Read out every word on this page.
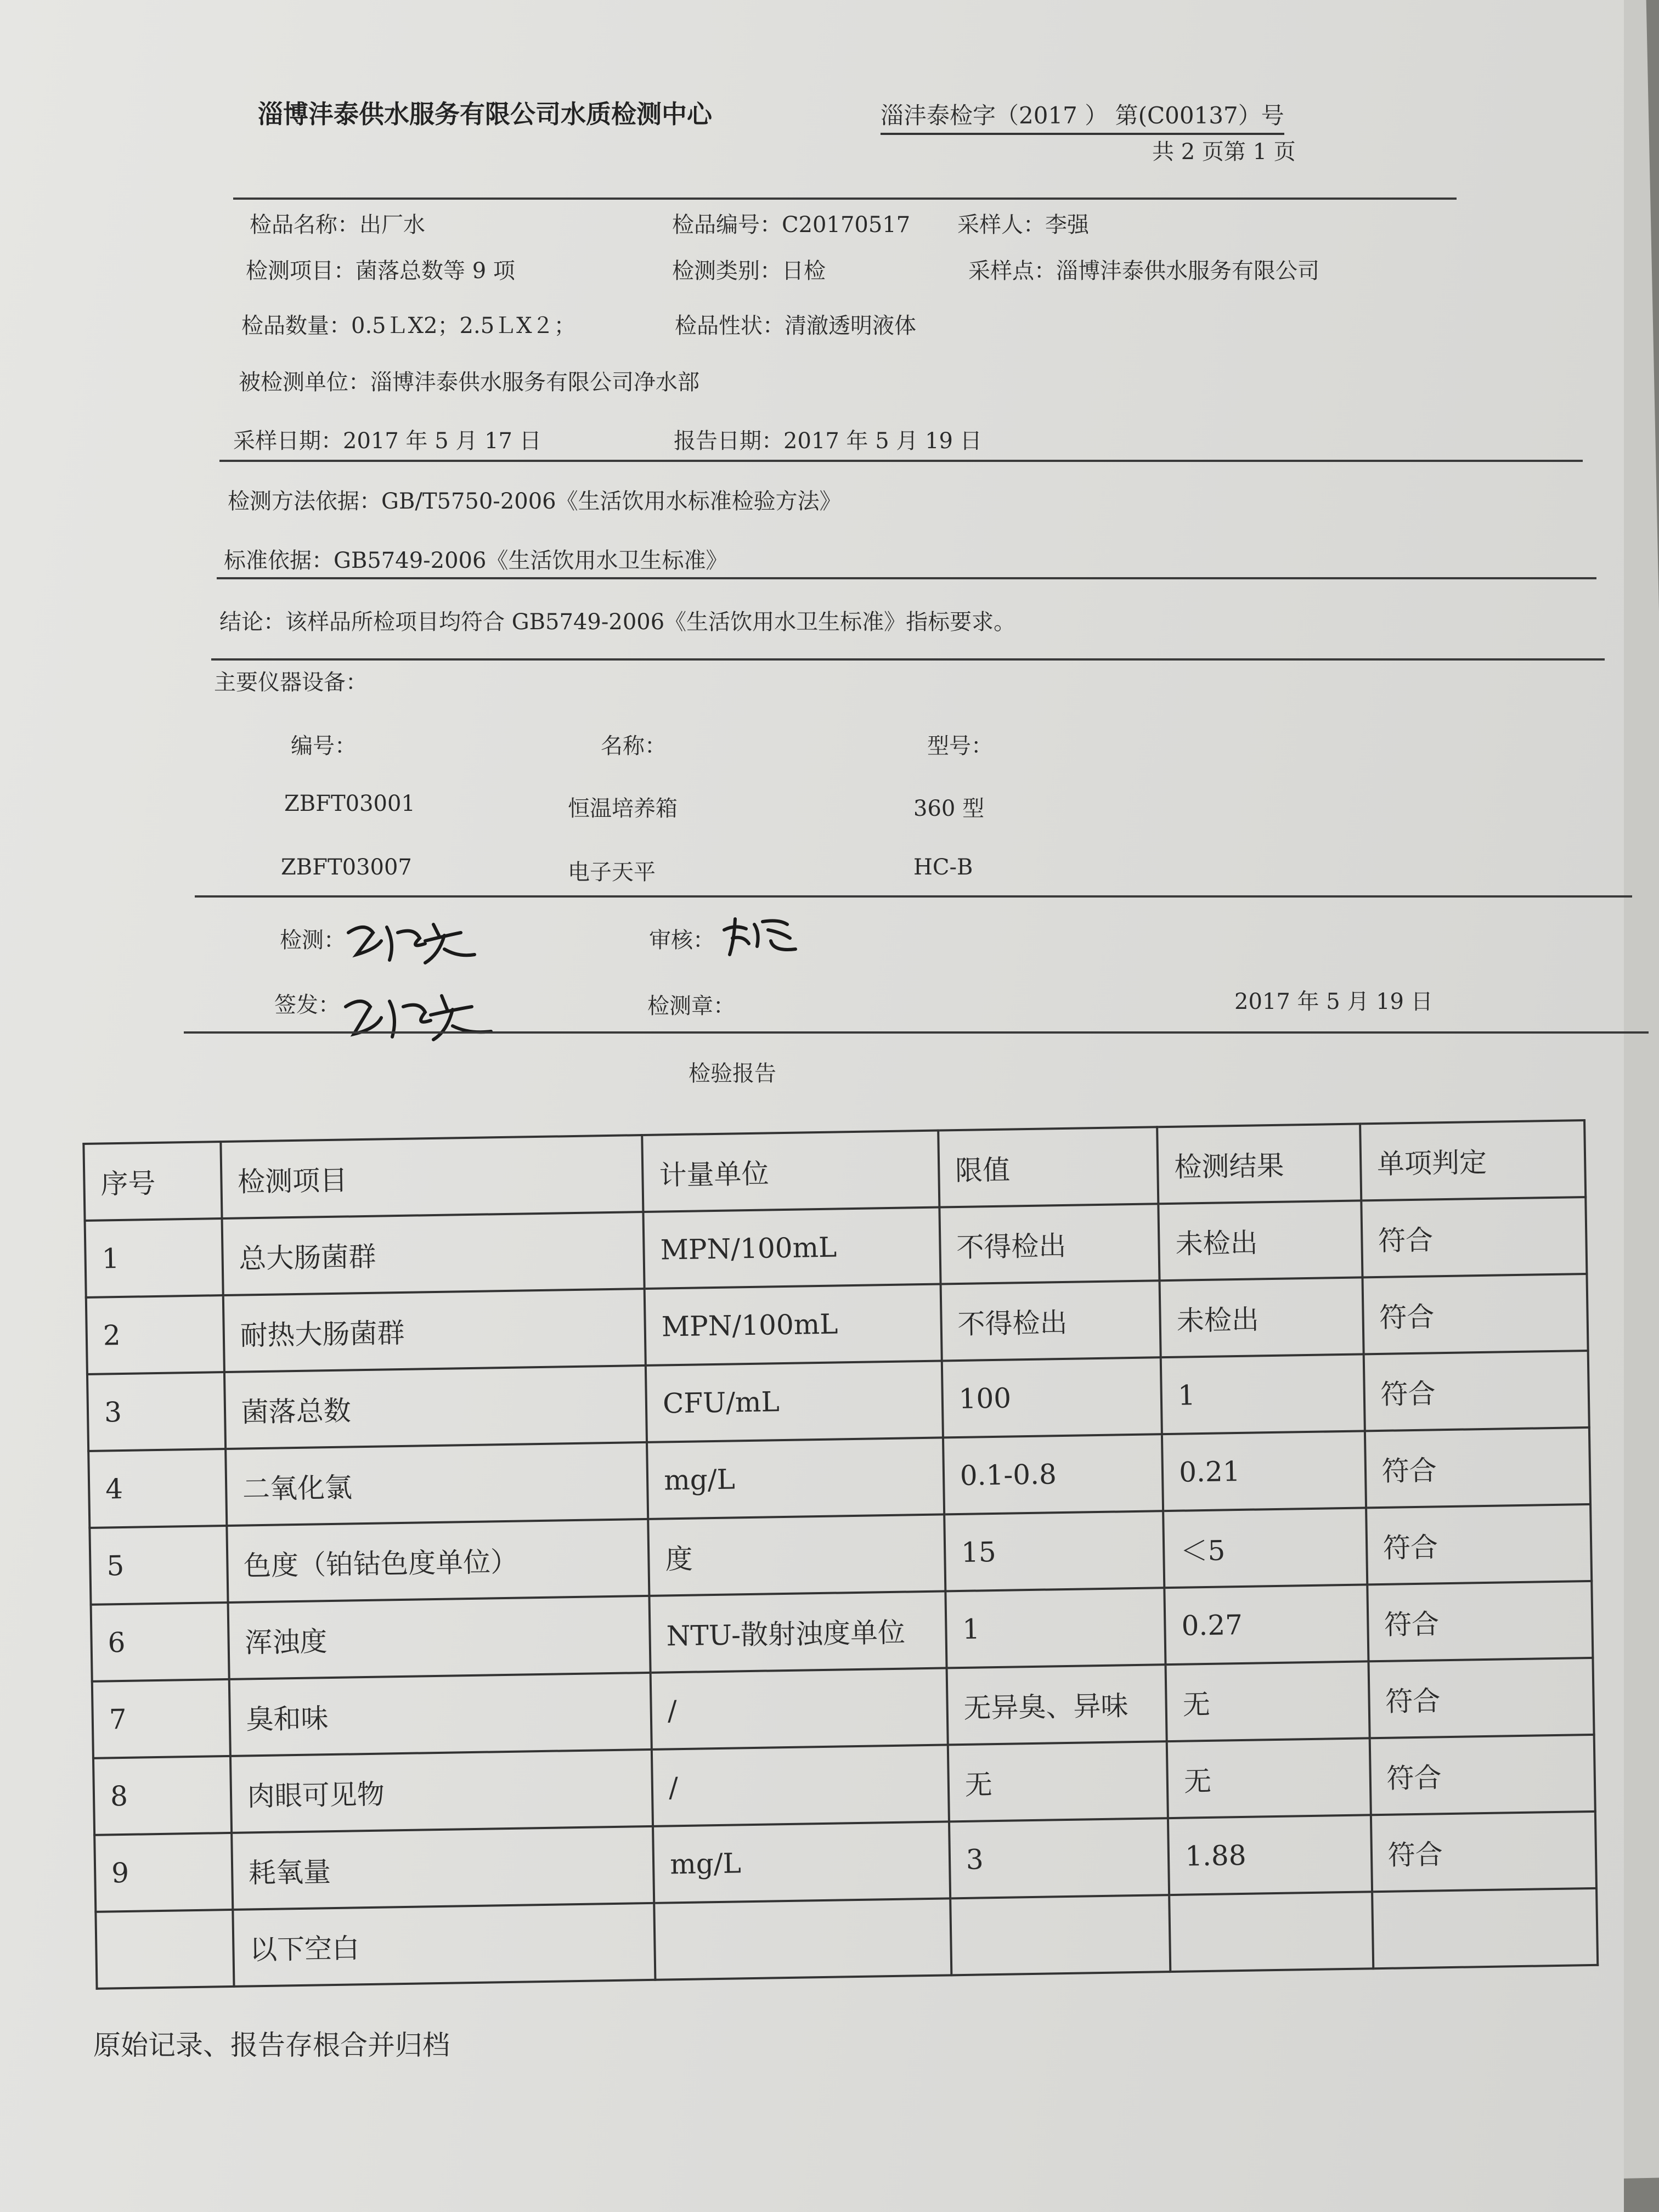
淄博沣泰供水服务有限公司水质检测中心	淄沣泰检字（2017 ） 第(C00137）号
共 2 页第 1 页
检品名称：出厂水	检品编号：C20170517 采样人：李强
检测项目：菌落总数等 9 项	检测类别：日检	采样点：淄博沣泰供水服务有限公司
检品数量：0.5ＬX2；2.5ＬX２；	检品性状：清澈透明液体
被检测单位：淄博沣泰供水服务有限公司净水部
采样日期：2017 年 5 月 17 日	报告日期：2017 年 5 月 19 日
检测方法依据：GB/T5750-2006《生活饮用水标准检验方法》
标准依据：GB5749-2006《生活饮用水卫生标准》
结论：该样品所检项目均符合 GB5749-2006《生活饮用水卫生标准》指标要求。
主要仪器设备：
编号：	名称：	型号：
ZBFT03001	恒温培养箱	360 型
ZBFT03007	电子天平	HC-B
检测：	审核：
签发：	检测章：	2017 年 5 月 19 日
检验报告
序号	检测项目	计量单位	限值	检测结果	单项判定
1	总大肠菌群	MPN/100mL	不得检出	未检出	符合
2	耐热大肠菌群	MPN/100mL	不得检出	未检出	符合
3	菌落总数	CFU/mL	100	1	符合
4	二氧化氯	mg/L	0.1-0.8	0.21	符合
5	色度（铂钴色度单位）	度	15	＜5	符合
6	浑浊度	NTU-散射浊度单位	1	0.27	符合
7	臭和味	/	无异臭、异味	无	符合
8	肉眼可见物	/	无	无	符合
9	耗氧量	mg/L	3	1.88	符合
	以下空白				
原始记录、报告存根合并归档
